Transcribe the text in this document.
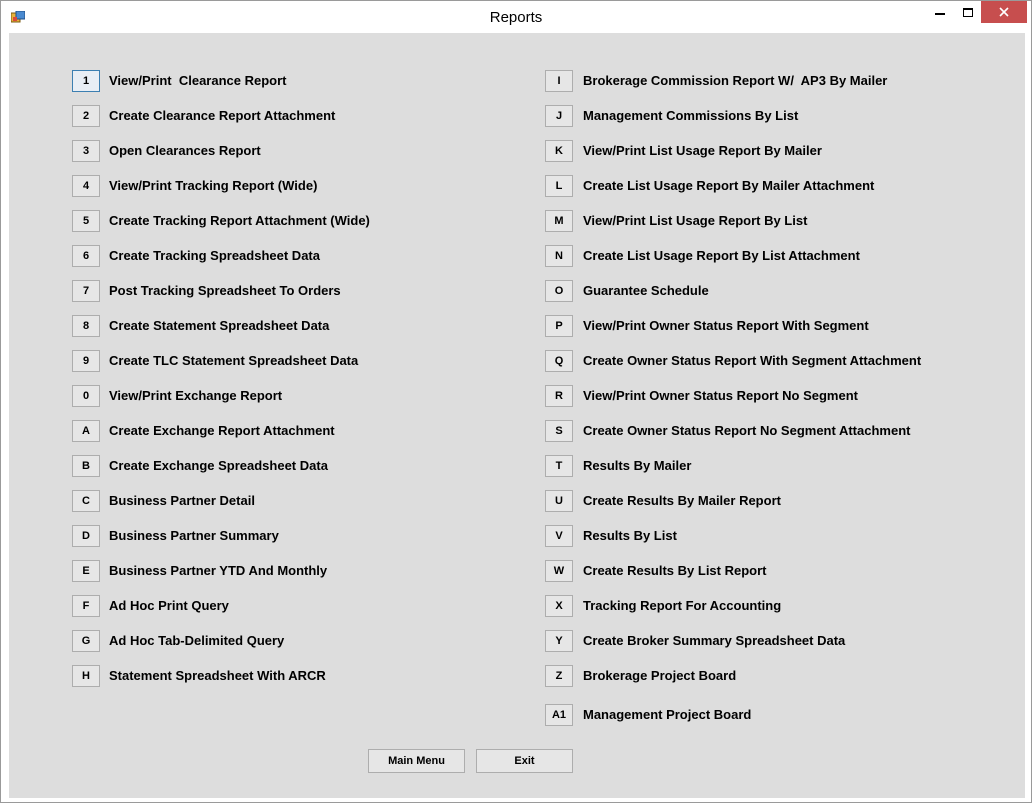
Reports
1	View/Print  Clearance Report
2	Create Clearance Report Attachment
3	Open Clearances Report
4	View/Print Tracking Report (Wide)
5	Create Tracking Report Attachment (Wide)
6	Create Tracking Spreadsheet Data
7	Post Tracking Spreadsheet To Orders
8	Create Statement Spreadsheet Data
9	Create TLC Statement Spreadsheet Data
0	View/Print Exchange Report
A	Create Exchange Report Attachment
B	Create Exchange Spreadsheet Data
C	Business Partner Detail
D	Business Partner Summary
E	Business Partner YTD And Monthly
F	Ad Hoc Print Query
G	Ad Hoc Tab-Delimited Query
H	Statement Spreadsheet With ARCR
I	Brokerage Commission Report W/  AP3 By Mailer
J	Management Commissions By List
K	View/Print List Usage Report By Mailer
L	Create List Usage Report By Mailer Attachment
M	View/Print List Usage Report By List
N	Create List Usage Report By List Attachment
O	Guarantee Schedule
P	View/Print Owner Status Report With Segment
Q	Create Owner Status Report With Segment Attachment
R	View/Print Owner Status Report No Segment
S	Create Owner Status Report No Segment Attachment
T	Results By Mailer
U	Create Results By Mailer Report
V	Results By List
W	Create Results By List Report
X	Tracking Report For Accounting
Y	Create Broker Summary Spreadsheet Data
Z	Brokerage Project Board
A1	Management Project Board
Main Menu	Exit
